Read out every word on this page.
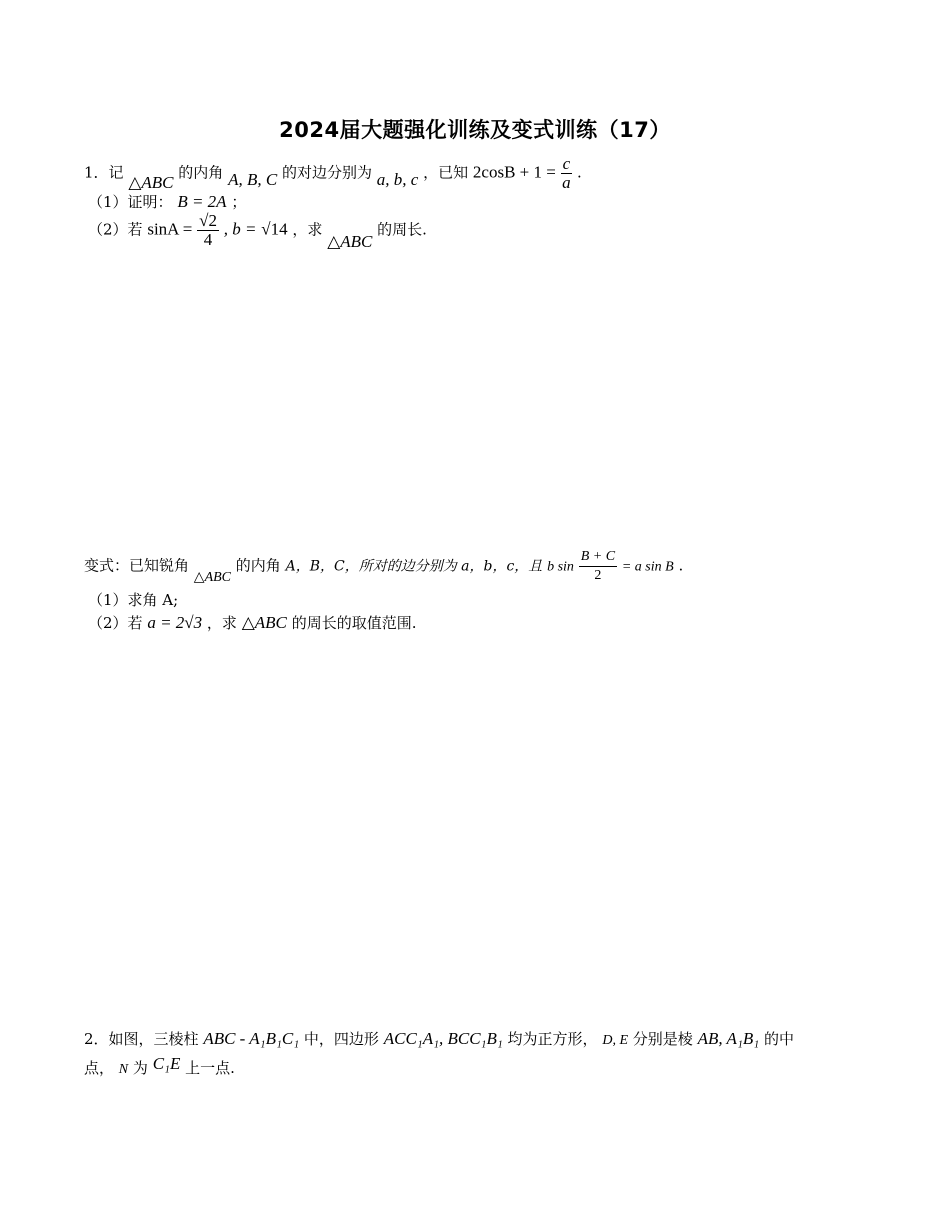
2024届大题强化训练及变式训练（17）
1．记 △ABC 的内角 A, B, C 的对边分别为 a, b, c ，已知 $2\cos B + 1 = \frac{c}{a}$ .
（1）证明： B = 2A ；
（2）若 $\sin A = \frac{√2}{4}$ , b = √14 ，求 △ABC 的周长.
变式：已知锐角 △ABC 的内角 A，B，C，所对的边分别为 a，b，c，且 b $\sin \frac{B + C}{2} = a$ sin B .
（1）求角 A;
（2）若 a = 2√3 ，求 △ABC 的周长的取值范围.
2．如图，三棱柱 ABC - A₁B₁C₁ 中，四边形 ACC₁A₁, BCC₁B₁ 均为正方形， D, E 分别是棱 AB, A₁B₁ 的中
点， N 为 C₁E 上一点.
